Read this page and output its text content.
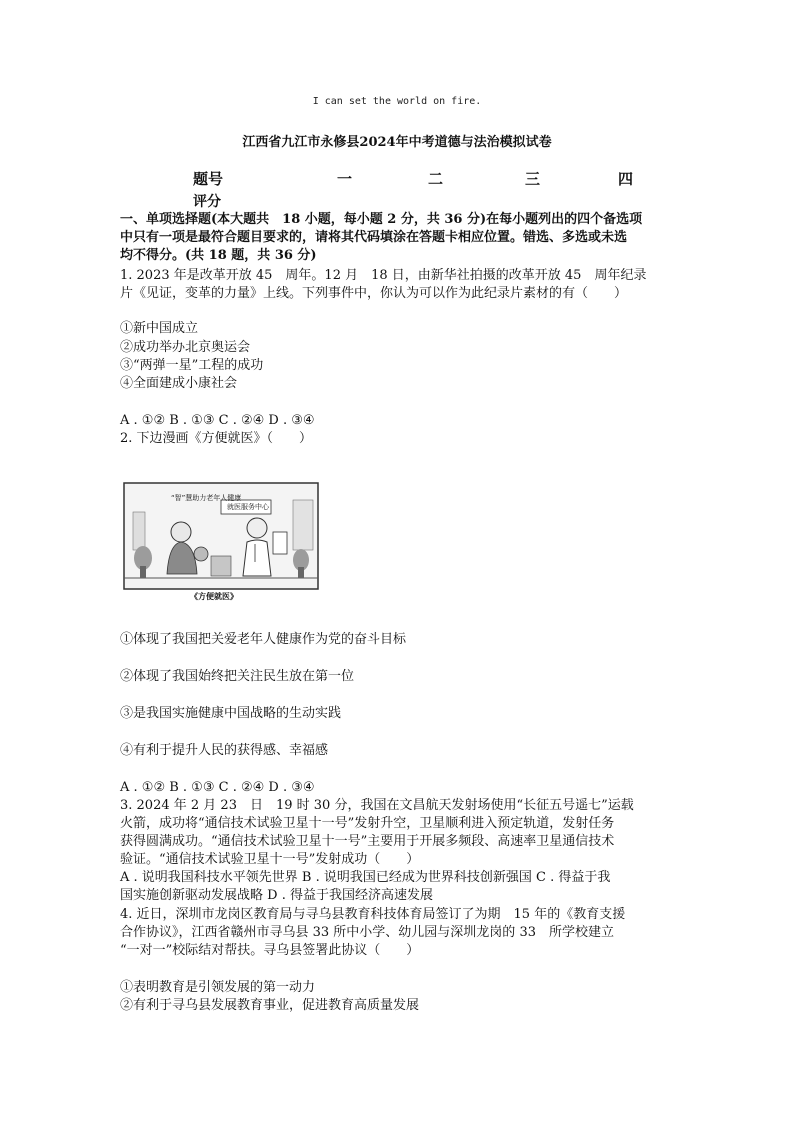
I can set the world on fire.
江西省九江市永修县2024年中考道德与法治模拟试卷
题号	一	二	三	四
评分
一、单项选择题(本大题共　18 小题，每小题 2 分，共 36 分)在每小题列出的四个备选项
中只有一项是最符合题目要求的，请将其代码填涂在答题卡相应位置。错选、多选或未选
均不得分。(共 18 题，共 36 分)
1. 2023 年是改革开放 45　周年。12 月　18 日，由新华社拍摄的改革开放 45　周年纪录
片《见证，变革的力量》上线。下列事件中，你认为可以作为此纪录片素材的有（　　）
①新中国成立
②成功举办北京奥运会
③“两弹一星”工程的成功
④全面建成小康社会
A . ①② B . ①③ C . ②④ D . ③④
2. 下边漫画《方便就医》（　　）
“智”慧助力老年人健康
就医服务中心
《方便就医》
①体现了我国把关爱老年人健康作为党的奋斗目标
②体现了我国始终把关注民生放在第一位
③是我国实施健康中国战略的生动实践
④有利于提升人民的获得感、幸福感
A . ①② B . ①③ C . ②④ D . ③④
3. 2024 年 2 月 23　日　19 时 30 分，我国在文昌航天发射场使用“长征五号遥七”运载
火箭，成功将“通信技术试验卫星十一号”发射升空，卫星顺利进入预定轨道，发射任务
获得圆满成功。“通信技术试验卫星十一号”主要用于开展多频段、高速率卫星通信技术
验证。“通信技术试验卫星十一号”发射成功（　　）
A . 说明我国科技水平领先世界 B . 说明我国已经成为世界科技创新强国 C . 得益于我
国实施创新驱动发展战略 D . 得益于我国经济高速发展
4. 近日，深圳市龙岗区教育局与寻乌县教育科技体育局签订了为期　15 年的《教育支援
合作协议》，江西省赣州市寻乌县 33 所中小学、幼儿园与深圳龙岗的 33　所学校建立
“一对一”校际结对帮扶。寻乌县签署此协议（　　）
①表明教育是引领发展的第一动力
②有利于寻乌县发展教育事业，促进教育高质量发展
